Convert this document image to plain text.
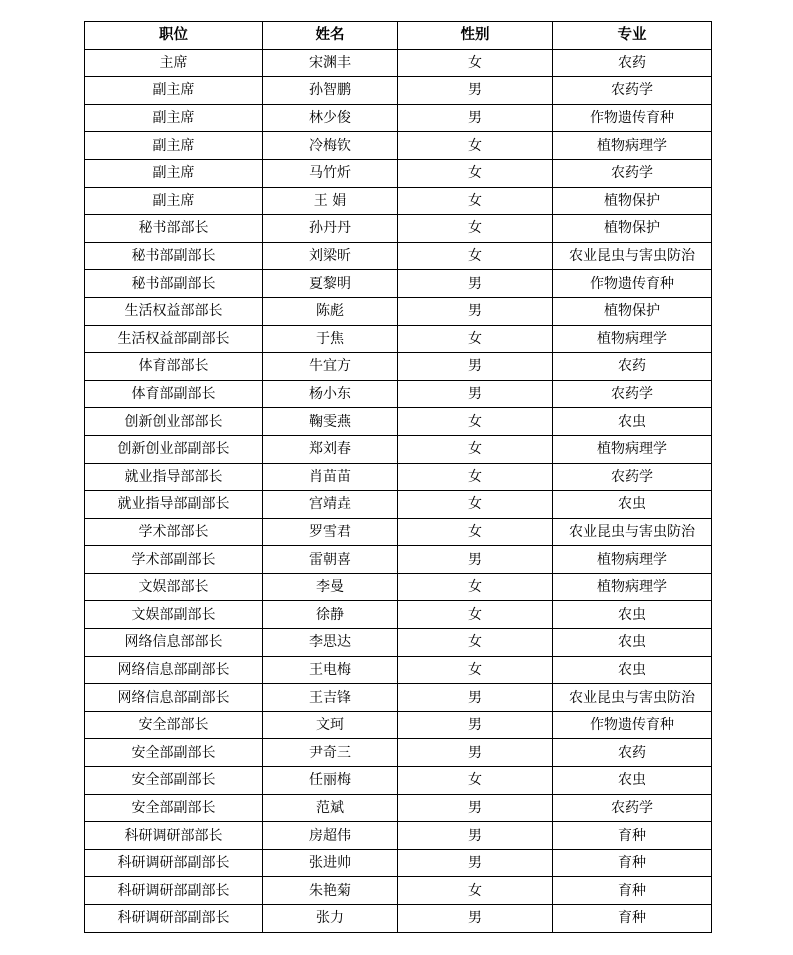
职位	姓名	性别	专业
主席	宋渊丰	女	农药
副主席	孙智鹏	男	农药学
副主席	林少俊	男	作物遗传育种
副主席	冷梅钦	女	植物病理学
副主席	马竹炘	女	农药学
副主席	王 娟	女	植物保护
秘书部部长	孙丹丹	女	植物保护
秘书部副部长	刘梁昕	女	农业昆虫与害虫防治
秘书部副部长	夏黎明	男	作物遗传育种
生活权益部部长	陈彪	男	植物保护
生活权益部副部长	于焦	女	植物病理学
体育部部长	牛宜方	男	农药
体育部副部长	杨小东	男	农药学
创新创业部部长	鞠雯燕	女	农虫
创新创业部副部长	郑刘春	女	植物病理学
就业指导部部长	肖苗苗	女	农药学
就业指导部副部长	宫靖垚	女	农虫
学术部部长	罗雪君	女	农业昆虫与害虫防治
学术部副部长	雷朝喜	男	植物病理学
文娱部部长	李曼	女	植物病理学
文娱部副部长	徐静	女	农虫
网络信息部部长	李思达	女	农虫
网络信息部副部长	王电梅	女	农虫
网络信息部副部长	王吉锋	男	农业昆虫与害虫防治
安全部部长	文珂	男	作物遗传育种
安全部副部长	尹奇三	男	农药
安全部副部长	任丽梅	女	农虫
安全部副部长	范斌	男	农药学
科研调研部部长	房超伟	男	育种
科研调研部副部长	张进帅	男	育种
科研调研部副部长	朱艳菊	女	育种
科研调研部副部长	张力	男	育种
